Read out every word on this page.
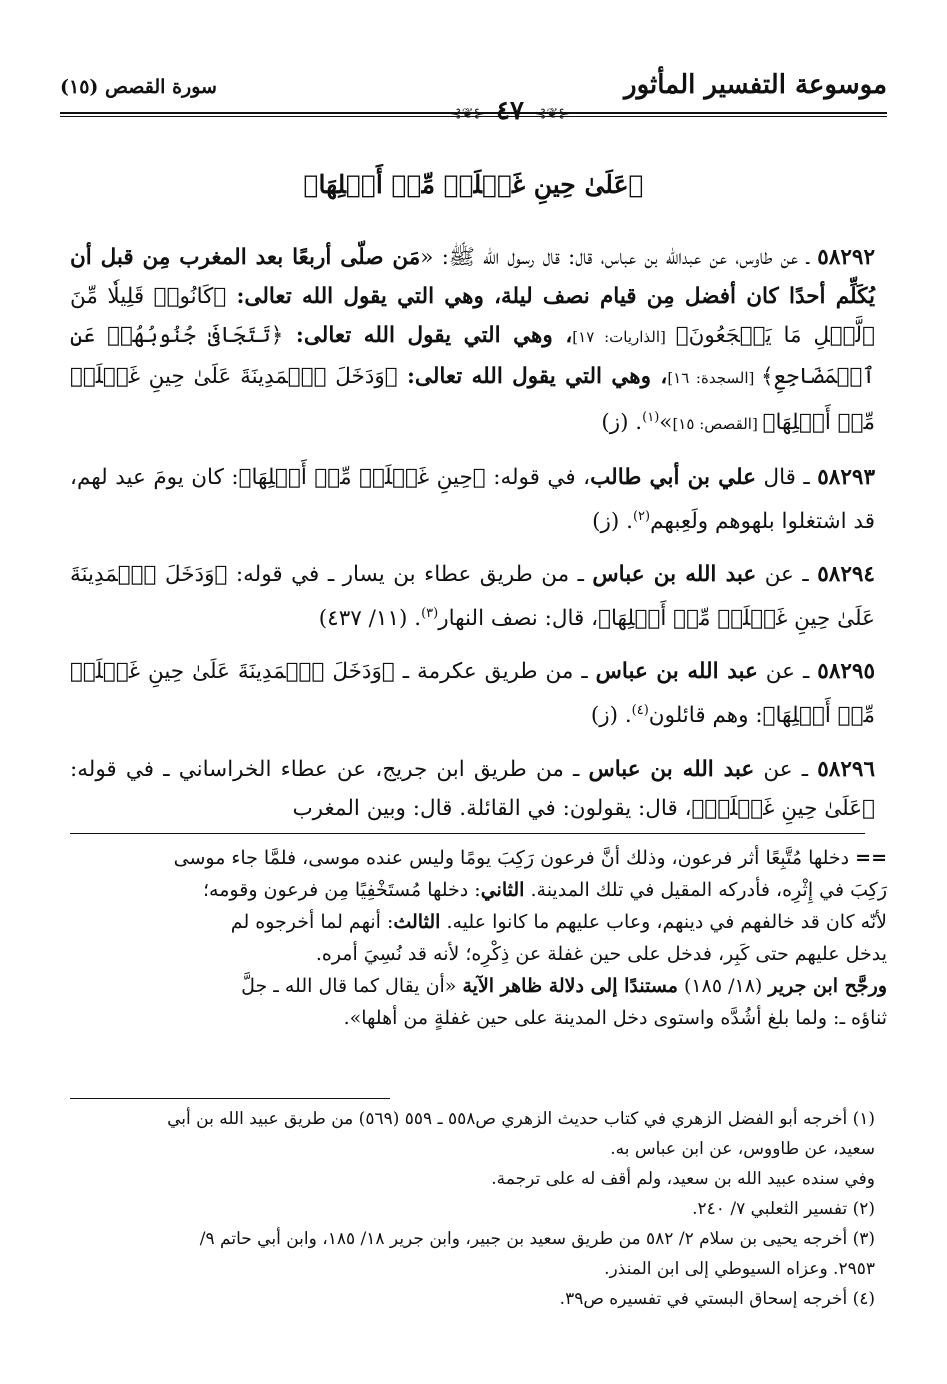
موسوعة التفسير المأثور
⊰❦⊱
٤٧
⊰❦⊱
سورة القصص (١٥)
﴿عَلَىٰ حِينِ غَفۡلَةٖ مِّنۡ أَهۡلِهَا﴾

٥٨٢٩٢ ـ عن طاوس، عن عبدالله بن عباس، قال: قال رسول الله ﷺ: «مَن صلّى أربعًا بعد المغرب مِن قبل أن يُكَلِّم أحدًا كان أفضل مِن قيام نصف ليلة، وهي التي يقول الله تعالى: ﴿كَانُوا۟ قَلِيلٗا مِّنَ ٱلَّيۡلِ مَا يَهۡجَعُونَ﴾ [الذاريات: ١٧]، وهي التي يقول الله تعالى: ﴿تَتَجَافَىٰ جُنُوبُهُمۡ عَنِ ٱلۡمَضَاجِعِ﴾ [السجدة: ١٦]، وهي التي يقول الله تعالى: ﴿وَدَخَلَ ٱلۡمَدِينَةَ عَلَىٰ حِينِ غَفۡلَةٖ مِّنۡ أَهۡلِهَا﴾ [القصص: ١٥]»$^{(١)}$. (ز)

٥٨٢٩٣ ـ قال علي بن أبي طالب، في قوله: ﴿حِينِ غَفۡلَةٖ مِّنۡ أَهۡلِهَا﴾: كان يومَ عيد لهم، قد اشتغلوا بلهوهم ولَعِبهم$^{(٢)}$. (ز)

٥٨٢٩٤ ـ عن عبد الله بن عباس ـ من طريق عطاء بن يسار ـ في قوله: ﴿وَدَخَلَ ٱلۡمَدِينَةَ عَلَىٰ حِينِ غَفۡلَةٖ مِّنۡ أَهۡلِهَا﴾، قال: نصف النهار$^{(٣)}$. (١١/ ٤٣٧)

٥٨٢٩٥ ـ عن عبد الله بن عباس ـ من طريق عكرمة ـ ﴿وَدَخَلَ ٱلۡمَدِينَةَ عَلَىٰ حِينِ غَفۡلَةٖ مِّنۡ أَهۡلِهَا﴾: وهم قائلون$^{(٤)}$. (ز)

٥٨٢٩٦ ـ عن عبد الله بن عباس ـ من طريق ابن جريج، عن عطاء الخراساني ـ في قوله: ﴿عَلَىٰ حِينِ غَفۡلَةٖ﴾، قال: يقولون: في القائلة. قال: وبين المغرب

==دخلها مُتَّبِعًا أثر فرعون، وذلك أنَّ فرعون رَكِبَ يومًا وليس عنده موسى، فلمَّا جاء موسى

رَكِبَ في إِثْرِه، فأدركه المقيل في تلك المدينة. الثاني: دخلها مُستَخْفِيًا مِن فرعون وقومه؛

لأنّه كان قد خالفهم في دينهم، وعاب عليهم ما كانوا عليه. الثالث: أنهم لما أخرجوه لم

يدخل عليهم حتى كَبِر، فدخل على حين غفلة عن ذِكْرِه؛ لأنه قد نُسِيَ أمره.

ورجَّح ابن جرير (١٨/ ١٨٥) مستندًا إلى دلالة ظاهر الآية «أن يقال كما قال الله ـ جلَّ

ثناؤه ـ: ولما بلغ أشُدَّه واستوى دخل المدينة على حين غفلةٍ من أهلها».

(١) أخرجه أبو الفضل الزهري في كتاب حديث الزهري ص٥٥٨ ـ ٥٥٩ (٥٦٩) من طريق عبيد الله بن أبي

سعيد، عن طاووس، عن ابن عباس به.

وفي سنده عبيد الله بن سعيد، ولم أقف له على ترجمة.

(٢) تفسير الثعلبي ٧/ ٢٤٠.

(٣) أخرجه يحيى بن سلام ٢/ ٥٨٢ من طريق سعيد بن جبير، وابن جرير ١٨/ ١٨٥، وابن أبي حاتم ٩/

٢٩٥٣. وعزاه السيوطي إلى ابن المنذر.

(٤) أخرجه إسحاق البستي في تفسيره ص٣٩.
